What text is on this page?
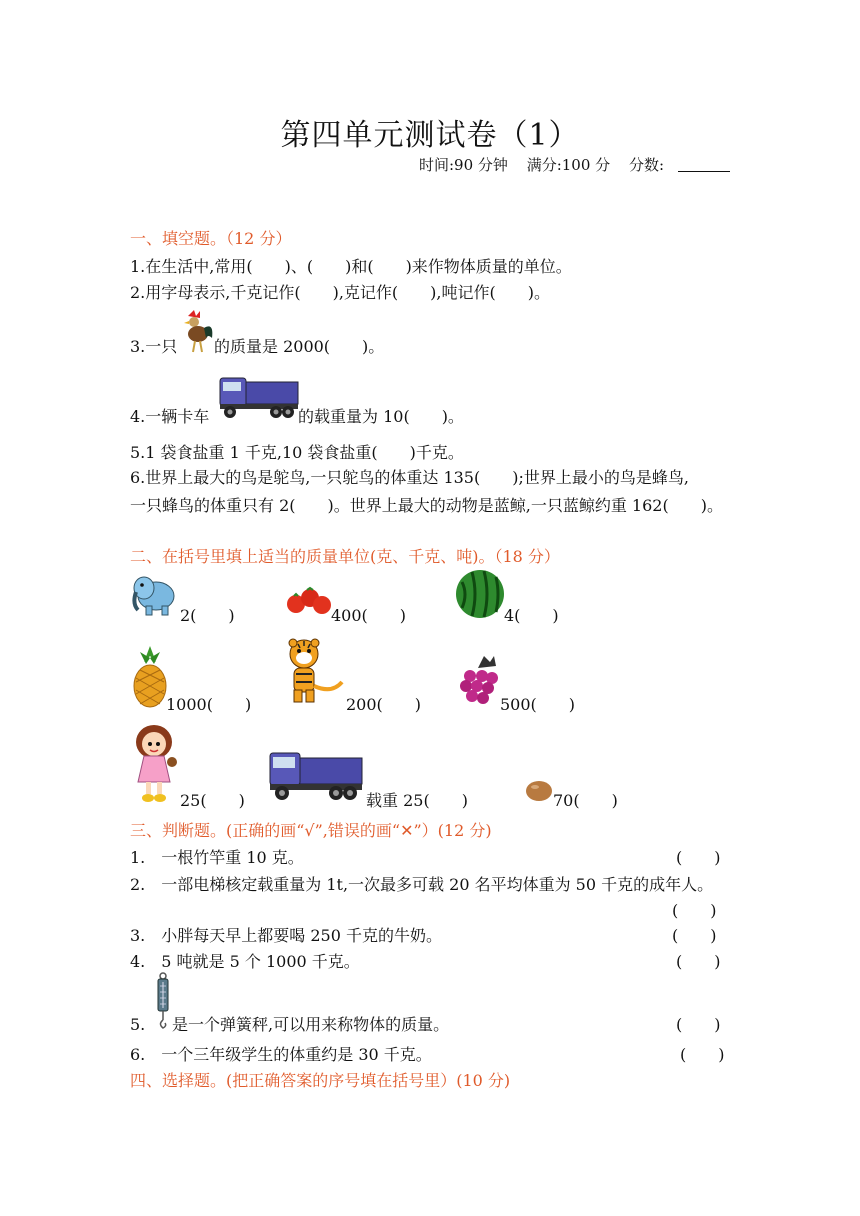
第四单元测试卷（1）
时间:90 分钟 满分:100 分 分数:
一、填空题。（12 分）
1.在生活中,常用(　　)、(　　)和(　　)来作物体质量的单位。
2.用字母表示,千克记作(　　),克记作(　　),吨记作(　　)。
3.一只 的质量是 2000(　　)。
4.一辆卡车	的载重量为 10(　　)。
5.1 袋食盐重 1 千克,10 袋食盐重(　　)千克。
6.世界上最大的鸟是鸵鸟,一只鸵鸟的体重达 135(　　);世界上最小的鸟是蜂鸟,
一只蜂鸟的体重只有 2(　　)。世界上最大的动物是蓝鲸,一只蓝鲸约重 162(　　)。
二、在括号里填上适当的质量单位(克、千克、吨)。（18 分）
2(　　)	400(　　)	4(　　)
1000(　　)	200(　　)	500(　　)
25(　　)	载重 25(　　)	70(　　)
三、判断题。(正确的画“√”,错误的画“✕”）(12 分)
1.　一根竹竿重 10 克。	(　　)
2.　一部电梯核定载重量为 1t,一次最多可载 20 名平均体重为 50 千克的成年人。
(　　)
3.　小胖每天早上都要喝 250 千克的牛奶。	(　　)
4.　5 吨就是 5 个 1000 千克。	(　　)
5.　 是一个弹簧秤,可以用来称物体的质量。	(　　)
6.　一个三年级学生的体重约是 30 千克。	(　　)
四、选择题。(把正确答案的序号填在括号里）(10 分)
